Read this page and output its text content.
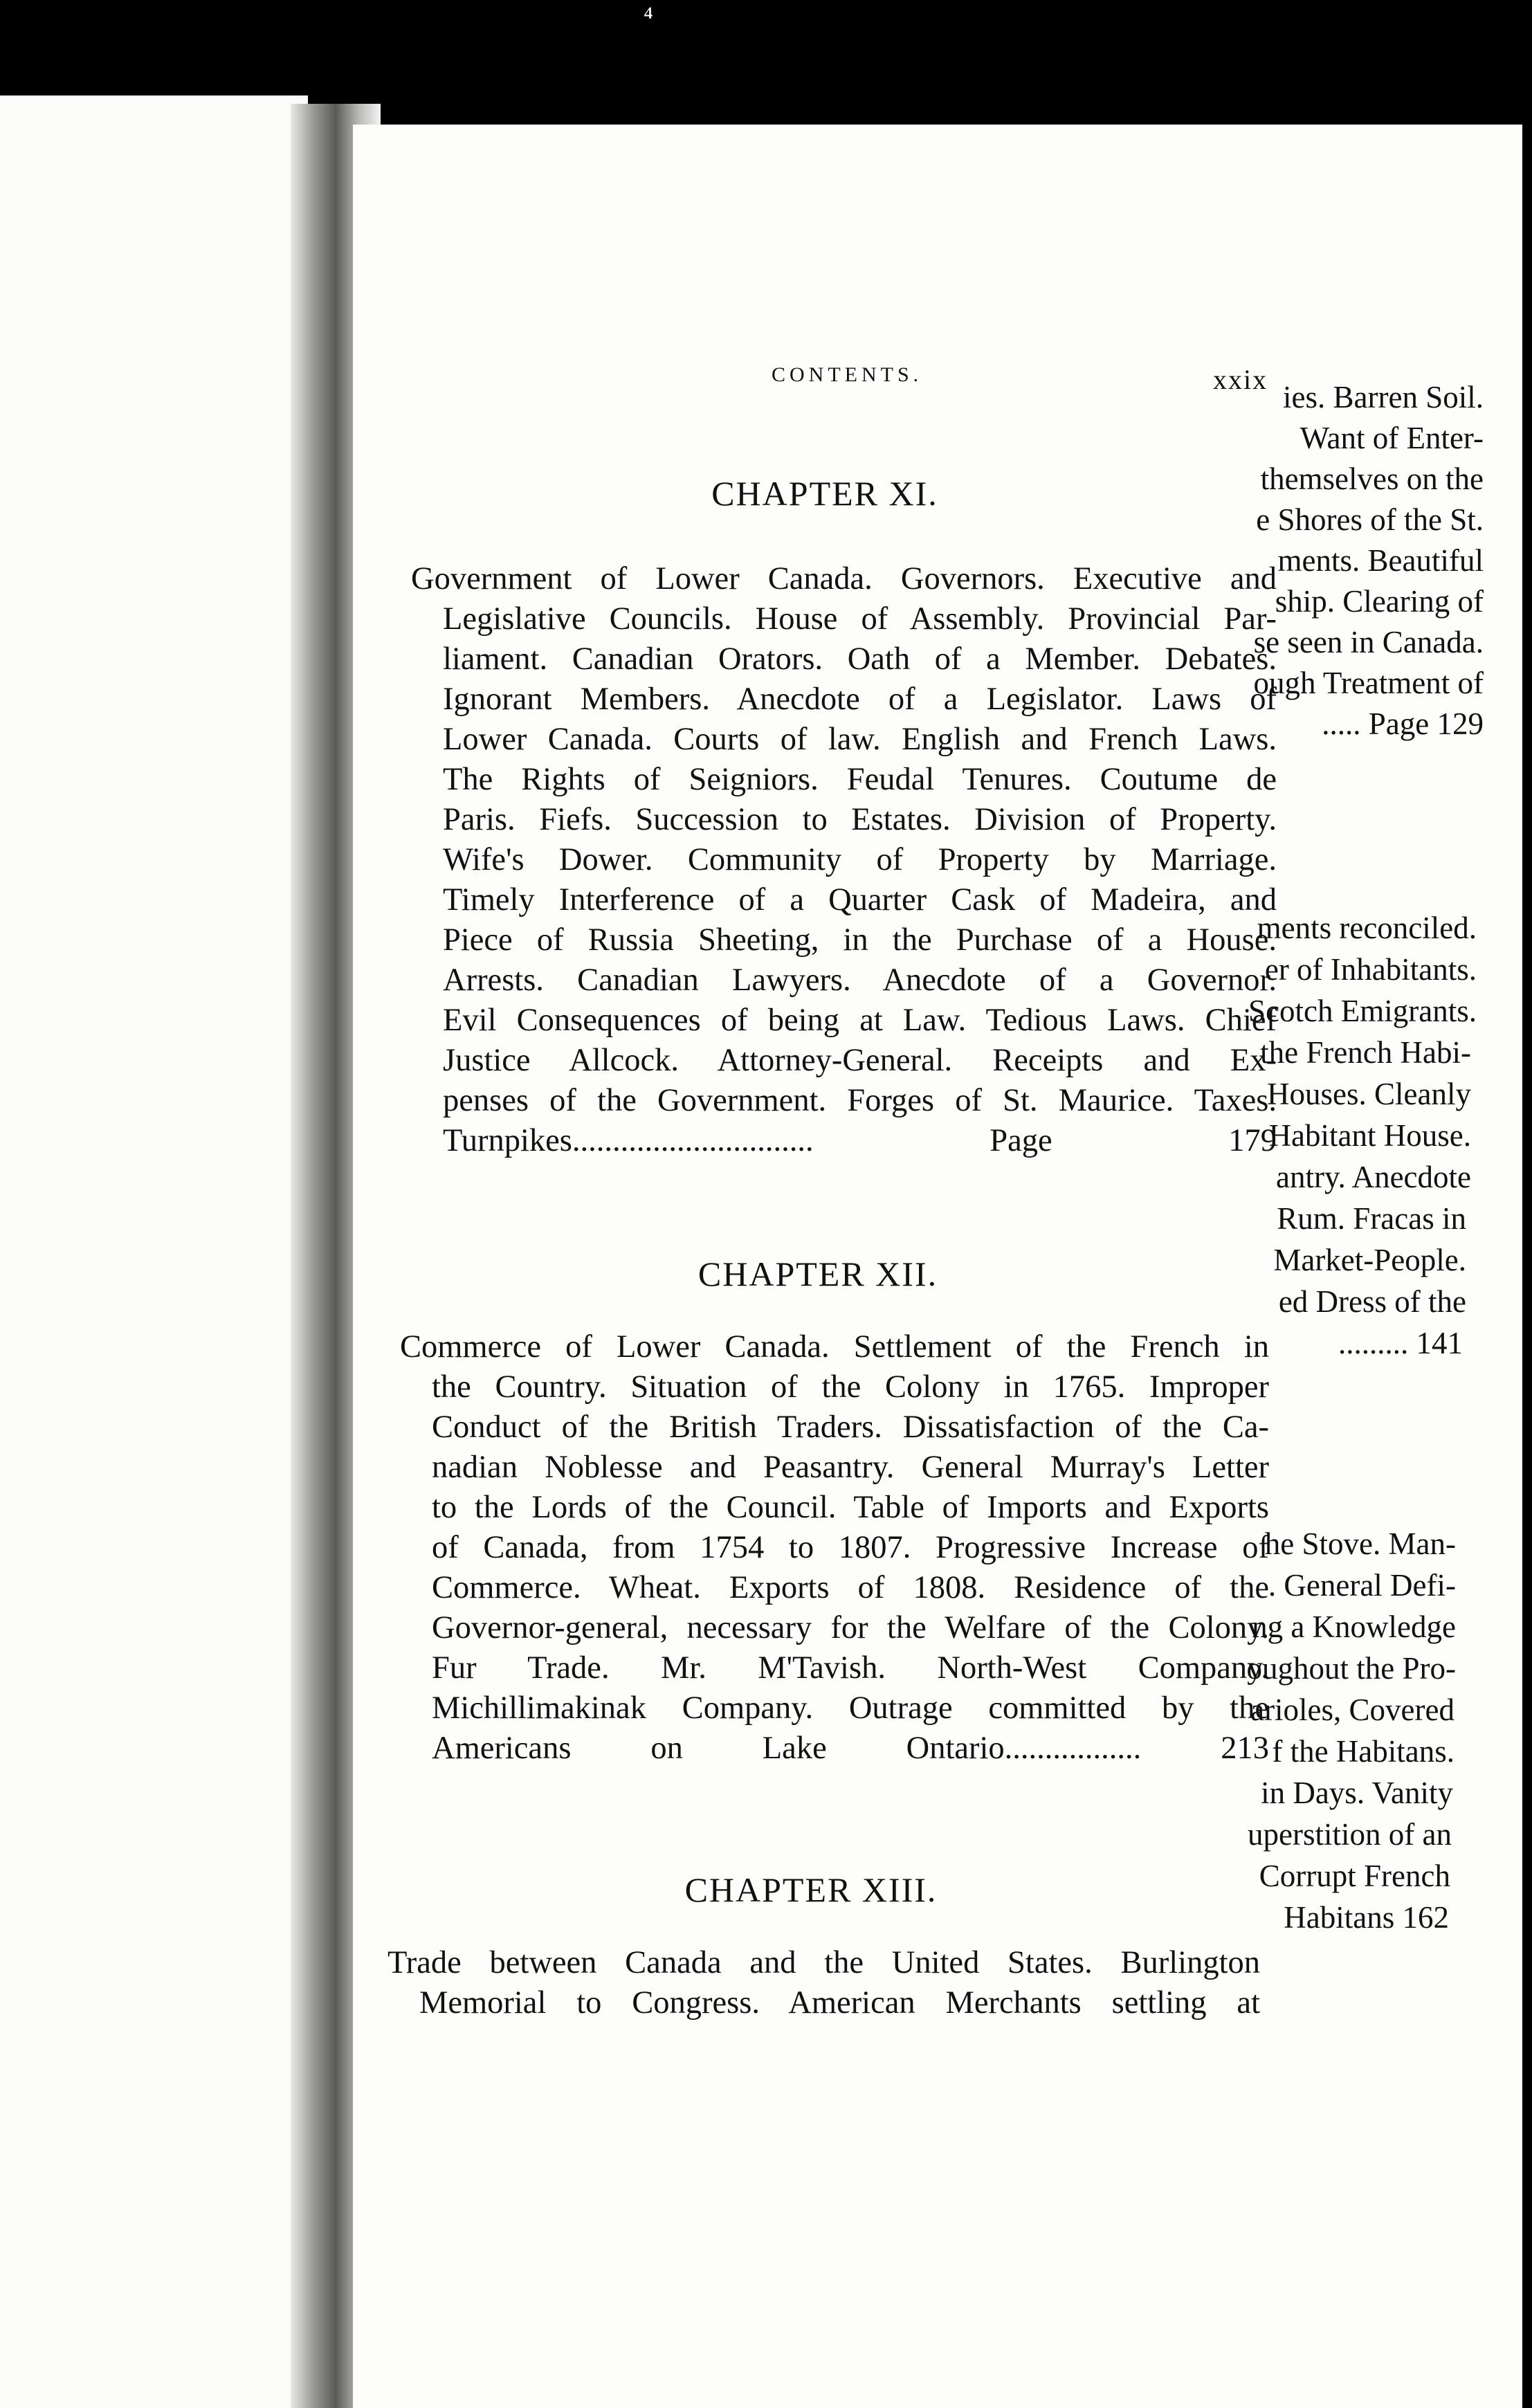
⁴
ies. Barren Soil.
Want of Enter-
themselves on the
e Shores of the St.
ments. Beautiful
ship. Clearing of
se seen in Canada.
ough Treatment of
..... Page 129
ments reconciled.
er of Inhabitants.
Scotch Emigrants.
the French Habi-
Houses. Cleanly
Habitant House.
antry. Anecdote
Rum. Fracas in
Market-People.
ed Dress of the
......... 141
he Stove. Man-
. General Defi-
ng a Knowledge
oughout the Pro-
arioles, Covered
f the Habitans.
in Days. Vanity
uperstition of an
Corrupt French
Habitans 162
CONTENTS.	xxix
CHAPTER XI.
Government of Lower Canada. Governors. Executive and
Legislative Councils. House of Assembly. Provincial Par-
liament. Canadian Orators. Oath of a Member. Debates.
Ignorant Members. Anecdote of a Legislator. Laws of
Lower Canada. Courts of law. English and French Laws.
The Rights of Seigniors. Feudal Tenures. Coutume de
Paris. Fiefs. Succession to Estates. Division of Property.
Wife's Dower. Community of Property by Marriage.
Timely Interference of a Quarter Cask of Madeira, and
Piece of Russia Sheeting, in the Purchase of a House.
Arrests. Canadian Lawyers. Anecdote of a Governor.
Evil Consequences of being at Law. Tedious Laws. Chief
Justice Allcock. Attorney-General. Receipts and Ex-
penses of the Government. Forges of St. Maurice. Taxes.
Turnpikes.............................. Page 179
CHAPTER XII.
Commerce of Lower Canada. Settlement of the French in
the Country. Situation of the Colony in 1765. Improper
Conduct of the British Traders. Dissatisfaction of the Ca-
nadian Noblesse and Peasantry. General Murray's Letter
to the Lords of the Council. Table of Imports and Exports
of Canada, from 1754 to 1807. Progressive Increase of
Commerce. Wheat. Exports of 1808. Residence of the
Governor-general, necessary for the Welfare of the Colony.
Fur Trade. Mr. M'Tavish. North-West Company.
Michillimakinak Company. Outrage committed by the
Americans on Lake Ontario................. 213
CHAPTER XIII.
Trade between Canada and the United States. Burlington
Memorial to Congress. American Merchants settling at
